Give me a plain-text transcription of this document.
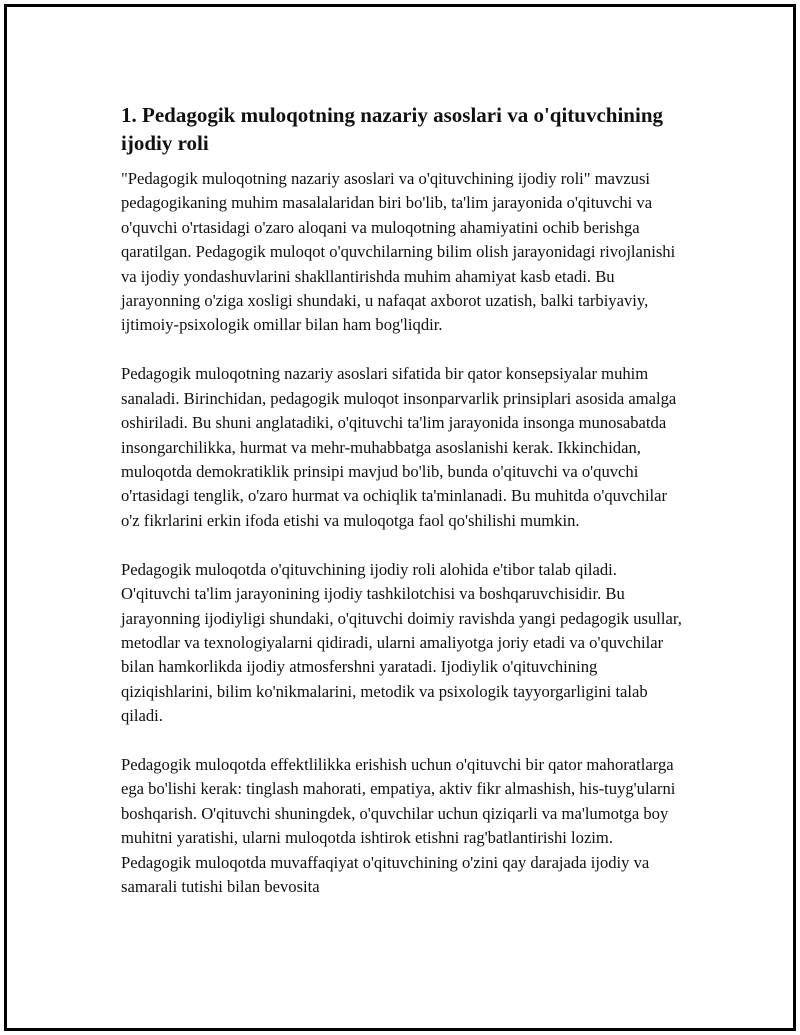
1. Pedagogik muloqotning nazariy asoslari va o'qituvchining ijodiy roli

"Pedagogik muloqotning nazariy asoslari va o'qituvchining ijodiy roli" mavzusi pedagogikaning muhim masalalaridan biri bo'lib, ta'lim jarayonida o'qituvchi va o'quvchi o'rtasidagi o'zaro aloqani va muloqotning ahamiyatini ochib berishga qaratilgan. Pedagogik muloqot o'quvchilarning bilim olish jarayonidagi rivojlanishi va ijodiy yondashuvlarini shakllantirishda muhim ahamiyat kasb etadi. Bu jarayonning o'ziga xosligi shundaki, u nafaqat axborot uzatish, balki tarbiyaviy, ijtimoiy-psixologik omillar bilan ham bog'liqdir.

Pedagogik muloqotning nazariy asoslari sifatida bir qator konsepsiyalar muhim sanaladi. Birinchidan, pedagogik muloqot insonparvarlik prinsiplari asosida amalga oshiriladi. Bu shuni anglatadiki, o'qituvchi ta'lim jarayonida insonga munosabatda insongarchilikka, hurmat va mehr-muhabbatga asoslanishi kerak. Ikkinchidan, muloqotda demokratiklik prinsipi mavjud bo'lib, bunda o'qituvchi va o'quvchi o'rtasidagi tenglik, o'zaro hurmat va ochiqlik ta'minlanadi. Bu muhitda o'quvchilar o'z fikrlarini erkin ifoda etishi va muloqotga faol qo'shilishi mumkin.

Pedagogik muloqotda o'qituvchining ijodiy roli alohida e'tibor talab qiladi. O'qituvchi ta'lim jarayonining ijodiy tashkilotchisi va boshqaruvchisidir. Bu jarayonning ijodiyligi shundaki, o'qituvchi doimiy ravishda yangi pedagogik usullar, metodlar va texnologiyalarni qidiradi, ularni amaliyotga joriy etadi va o'quvchilar bilan hamkorlikda ijodiy atmosfershni yaratadi. Ijodiylik o'qituvchining qiziqishlarini, bilim ko'nikmalarini, metodik va psixologik tayyorgarligini talab qiladi.

Pedagogik muloqotda effektlilikka erishish uchun o'qituvchi bir qator mahoratlarga ega bo'lishi kerak: tinglash mahorati, empatiya, aktiv fikr almashish, his-tuyg'ularni boshqarish. O'qituvchi shuningdek, o'quvchilar uchun qiziqarli va ma'lumotga boy muhitni yaratishi, ularni muloqotda ishtirok etishni rag'batlantirishi lozim. Pedagogik muloqotda muvaffaqiyat o'qituvchining o'zini qay darajada ijodiy va samarali tutishi bilan bevosita
